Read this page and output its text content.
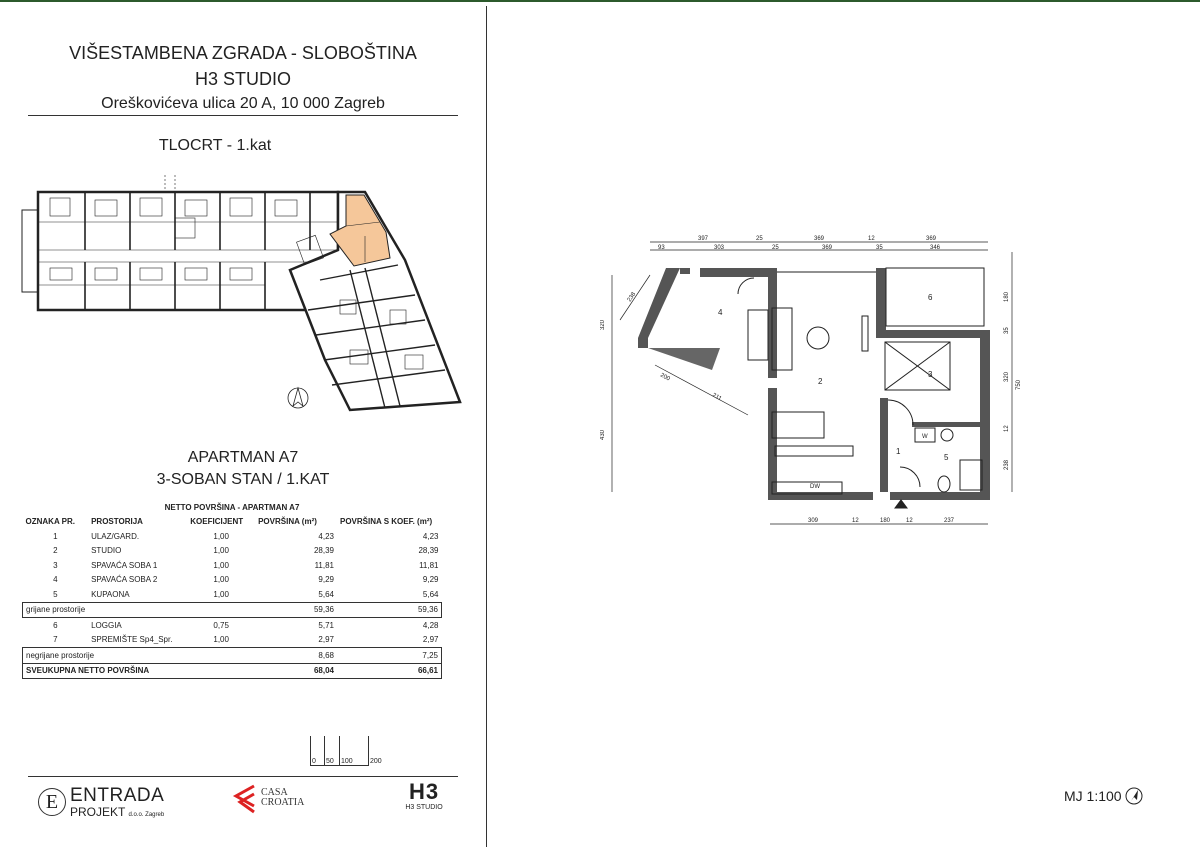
VIŠESTAMBENA ZGRADA - SLOBOŠTINA
H3 STUDIO
Oreškovićeva ulica 20 A, 10 000 Zagreb
TLOCRT - 1.kat
APARTMAN A7
3-SOBAN STAN / 1.KAT
NETTO POVRŠINA - APARTMAN A7				
OZNAKA PR.	PROSTORIJA	KOEFICIJENT	POVRŠINA (m²)	POVRŠINA S KOEF. (m²)
1	ULAZ/GARD.	1,00	4,23	4,23
2	STUDIO	1,00	28,39	28,39
3	SPAVAĆA SOBA 1	1,00	11,81	11,81
4	SPAVAĆA SOBA 2	1,00	9,29	9,29
5	KUPAONA	1,00	5,64	5,64
grijane prostorije			59,36	59,36
6	LOGGIA	0,75	5,71	4,28
7	SPREMIŠTE Sp4_Spr.	1,00	2,97	2,97
negrijane prostorije			8,68	7,25
SVEUKUPNA NETTO POVRŠINA			68,04	66,61
0 50 100 200
E ENTRADA
PROJEKT d.o.o. Zagreb
CASA
CROATIA	H3
H3 STUDIO
1
2
3
4
5
6
W
DW
397	25	369	12	369
93	303	25	369	35	346
309	12	180	12	237
320
430
180
35
320
750
12
238
238
200
211
MJ 1:100
